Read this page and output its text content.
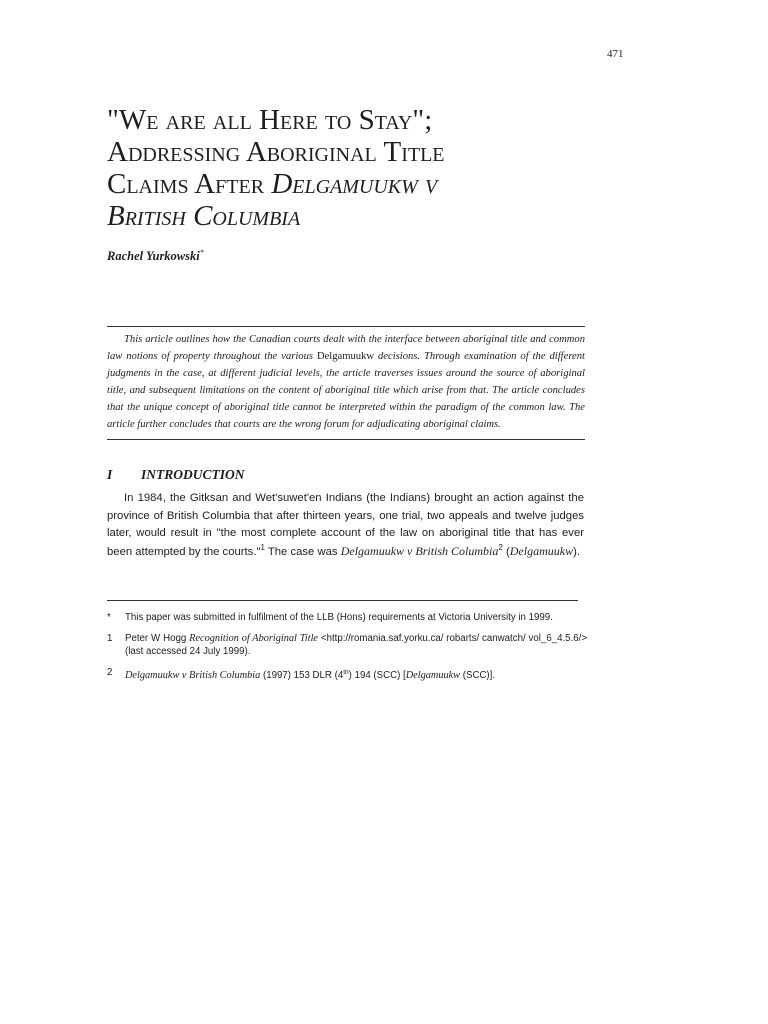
471
"We are all Here to Stay";
Addressing Aboriginal Title
Claims After Delgamuukw v
British Columbia
Rachel Yurkowski*

This article outlines how the Canadian courts dealt with the interface between aboriginal title and common law notions of property throughout the various Delgamuukw decisions. Through examination of the different judgments in the case, at different judicial levels, the article traverses issues around the source of aboriginal title, and subsequent limitations on the content of aboriginal title which arise from that. The article concludes that the unique concept of aboriginal title cannot be interpreted within the paradigm of the common law. The article further concludes that courts are the wrong forum for adjudicating aboriginal claims.

I INTRODUCTION

In 1984, the Gitksan and Wet'suwet'en Indians (the Indians) brought an action against the province of British Columbia that after thirteen years, one trial, two appeals and twelve judges later, would result in "the most complete account of the law on aboriginal title that has ever been attempted by the courts."$^1$ The case was Delgamuukw v British Columbia$^2$ (Delgamuukw).

*	This paper was submitted in fulfilment of the LLB (Hons) requirements at Victoria University in 1999.
1	Peter W Hogg Recognition of Aboriginal Title <http://romania.saf.yorku.ca/ robarts/ canwatch/ vol_6_4.5.6/> (last accessed 24 July 1999).
2	Delgamuukw v British Columbia (1997) 153 DLR (4th) 194 (SCC) [Delgamuukw (SCC)].
